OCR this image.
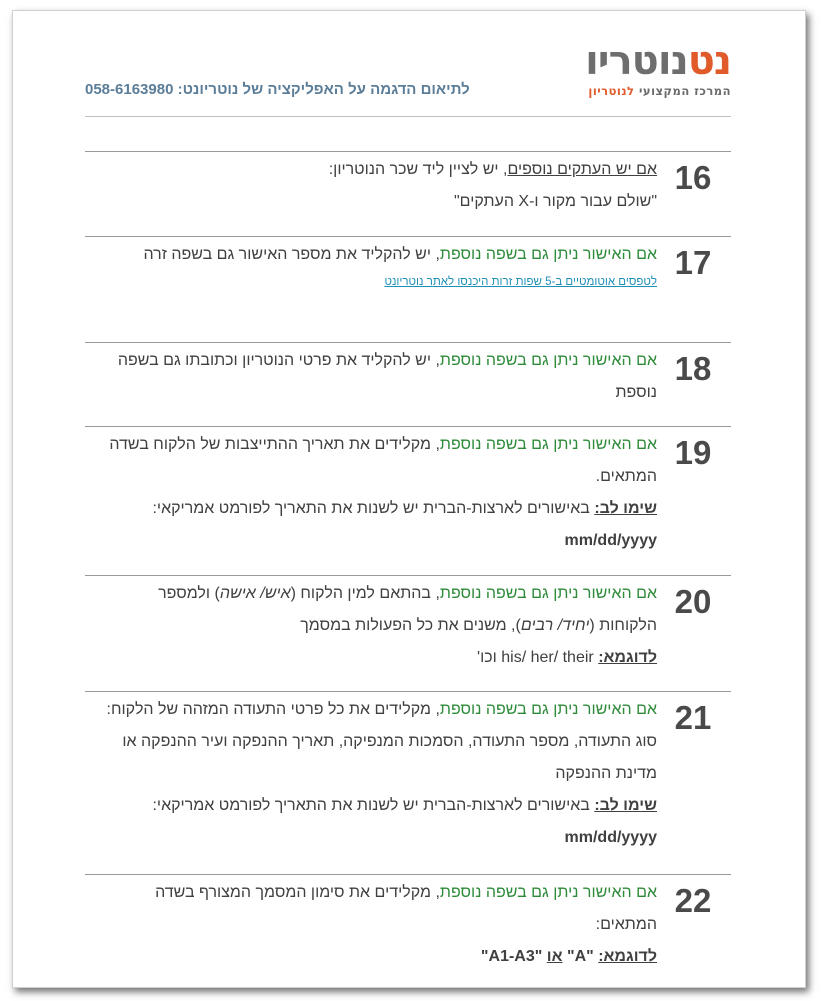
נטנוטריו
המרכז המקצועי לנוטריון
לתיאום הדגמה על האפליקציה של נוטריונט: 058-6163980
16
אם יש העתקים נוספים, יש לציין ליד שכר הנוטריון:
"שולם עבור מקור ו-X העתקים"
17
אם האישור ניתן גם בשפה נוספת, יש להקליד את מספר האישור גם בשפה זרה
לטפסים אוטומטיים ב-5 שפות זרות היכנסו לאתר נוטריונט
18
אם האישור ניתן גם בשפה נוספת, יש להקליד את פרטי הנוטריון וכתובתו גם בשפה נוספת
19
אם האישור ניתן גם בשפה נוספת, מקלידים את תאריך ההתייצבות של הלקוח בשדה המתאים.
שימו לב: באישורים לארצות-הברית יש לשנות את התאריך לפורמט אמריקאי: mm/dd/yyyy
20
אם האישור ניתן גם בשפה נוספת, בהתאם למין הלקוח (איש/ אישה) ולמספר הלקוחות (יחיד/ רבים), משנים את כל הפעולות במסמך
לדוגמא: his/ her/ their וכו'
21
אם האישור ניתן גם בשפה נוספת, מקלידים את כל פרטי התעודה המזהה של הלקוח: סוג התעודה, מספר התעודה, הסמכות המנפיקה, תאריך ההנפקה ועיר ההנפקה או מדינת ההנפקה
שימו לב: באישורים לארצות-הברית יש לשנות את התאריך לפורמט אמריקאי: mm/dd/yyyy
22
אם האישור ניתן גם בשפה נוספת, מקלידים את סימון המסמך המצורף בשדה המתאים:
לדוגמא: "A" או "A1-A3"
